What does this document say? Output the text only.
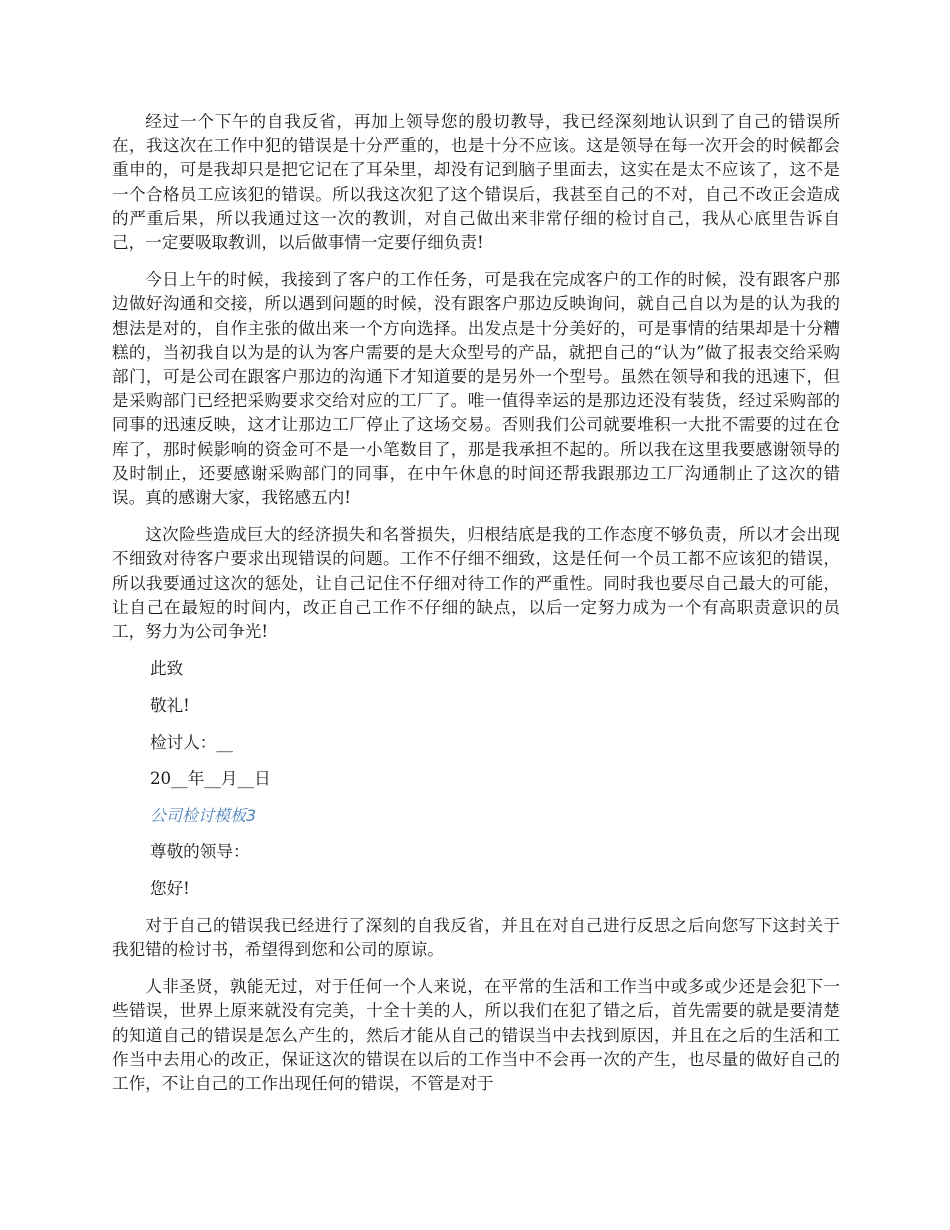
经过一个下午的自我反省，再加上领导您的殷切教导，我已经深刻地认识到了自己的错误所在，我这次在工作中犯的错误是十分严重的，也是十分不应该。这是领导在每一次开会的时候都会重申的，可是我却只是把它记在了耳朵里，却没有记到脑子里面去，这实在是太不应该了，这不是一个合格员工应该犯的错误。所以我这次犯了这个错误后，我甚至自己的不对，自己不改正会造成的严重后果，所以我通过这一次的教训，对自己做出来非常仔细的检讨自己，我从心底里告诉自己，一定要吸取教训，以后做事情一定要仔细负责!

今日上午的时候，我接到了客户的工作任务，可是我在完成客户的工作的时候，没有跟客户那边做好沟通和交接，所以遇到问题的时候，没有跟客户那边反映询问，就自己自以为是的认为我的想法是对的，自作主张的做出来一个方向选择。出发点是十分美好的，可是事情的结果却是十分糟糕的，当初我自以为是的认为客户需要的是大众型号的产品，就把自己的“认为”做了报表交给采购部门，可是公司在跟客户那边的沟通下才知道要的是另外一个型号。虽然在领导和我的迅速下，但是采购部门已经把采购要求交给对应的工厂了。唯一值得幸运的是那边还没有装货，经过采购部的同事的迅速反映，这才让那边工厂停止了这场交易。否则我们公司就要堆积一大批不需要的过在仓库了，那时候影响的资金可不是一小笔数目了，那是我承担不起的。所以我在这里我要感谢领导的及时制止，还要感谢采购部门的同事，在中午休息的时间还帮我跟那边工厂沟通制止了这次的错误。真的感谢大家，我铭感五内!

这次险些造成巨大的经济损失和名誉损失，归根结底是我的工作态度不够负责，所以才会出现不细致对待客户要求出现错误的问题。工作不仔细不细致，这是任何一个员工都不应该犯的错误，所以我要通过这次的惩处，让自己记住不仔细对待工作的严重性。同时我也要尽自己最大的可能，让自己在最短的时间内，改正自己工作不仔细的缺点，以后一定努力成为一个有高职责意识的员工，努力为公司争光!

此致
敬礼!
检讨人：__
20__年__月__日
公司检讨模板3
尊敬的领导：
您好!

对于自己的错误我已经进行了深刻的自我反省，并且在对自己进行反思之后向您写下这封关于我犯错的检讨书，希望得到您和公司的原谅。

人非圣贤，孰能无过，对于任何一个人来说，在平常的生活和工作当中或多或少还是会犯下一些错误，世界上原来就没有完美，十全十美的人，所以我们在犯了错之后，首先需要的就是要清楚的知道自己的错误是怎么产生的，然后才能从自己的错误当中去找到原因，并且在之后的生活和工作当中去用心的改正，保证这次的错误在以后的工作当中不会再一次的产生，也尽量的做好自己的工作，不让自己的工作出现任何的错误，不管是对于
